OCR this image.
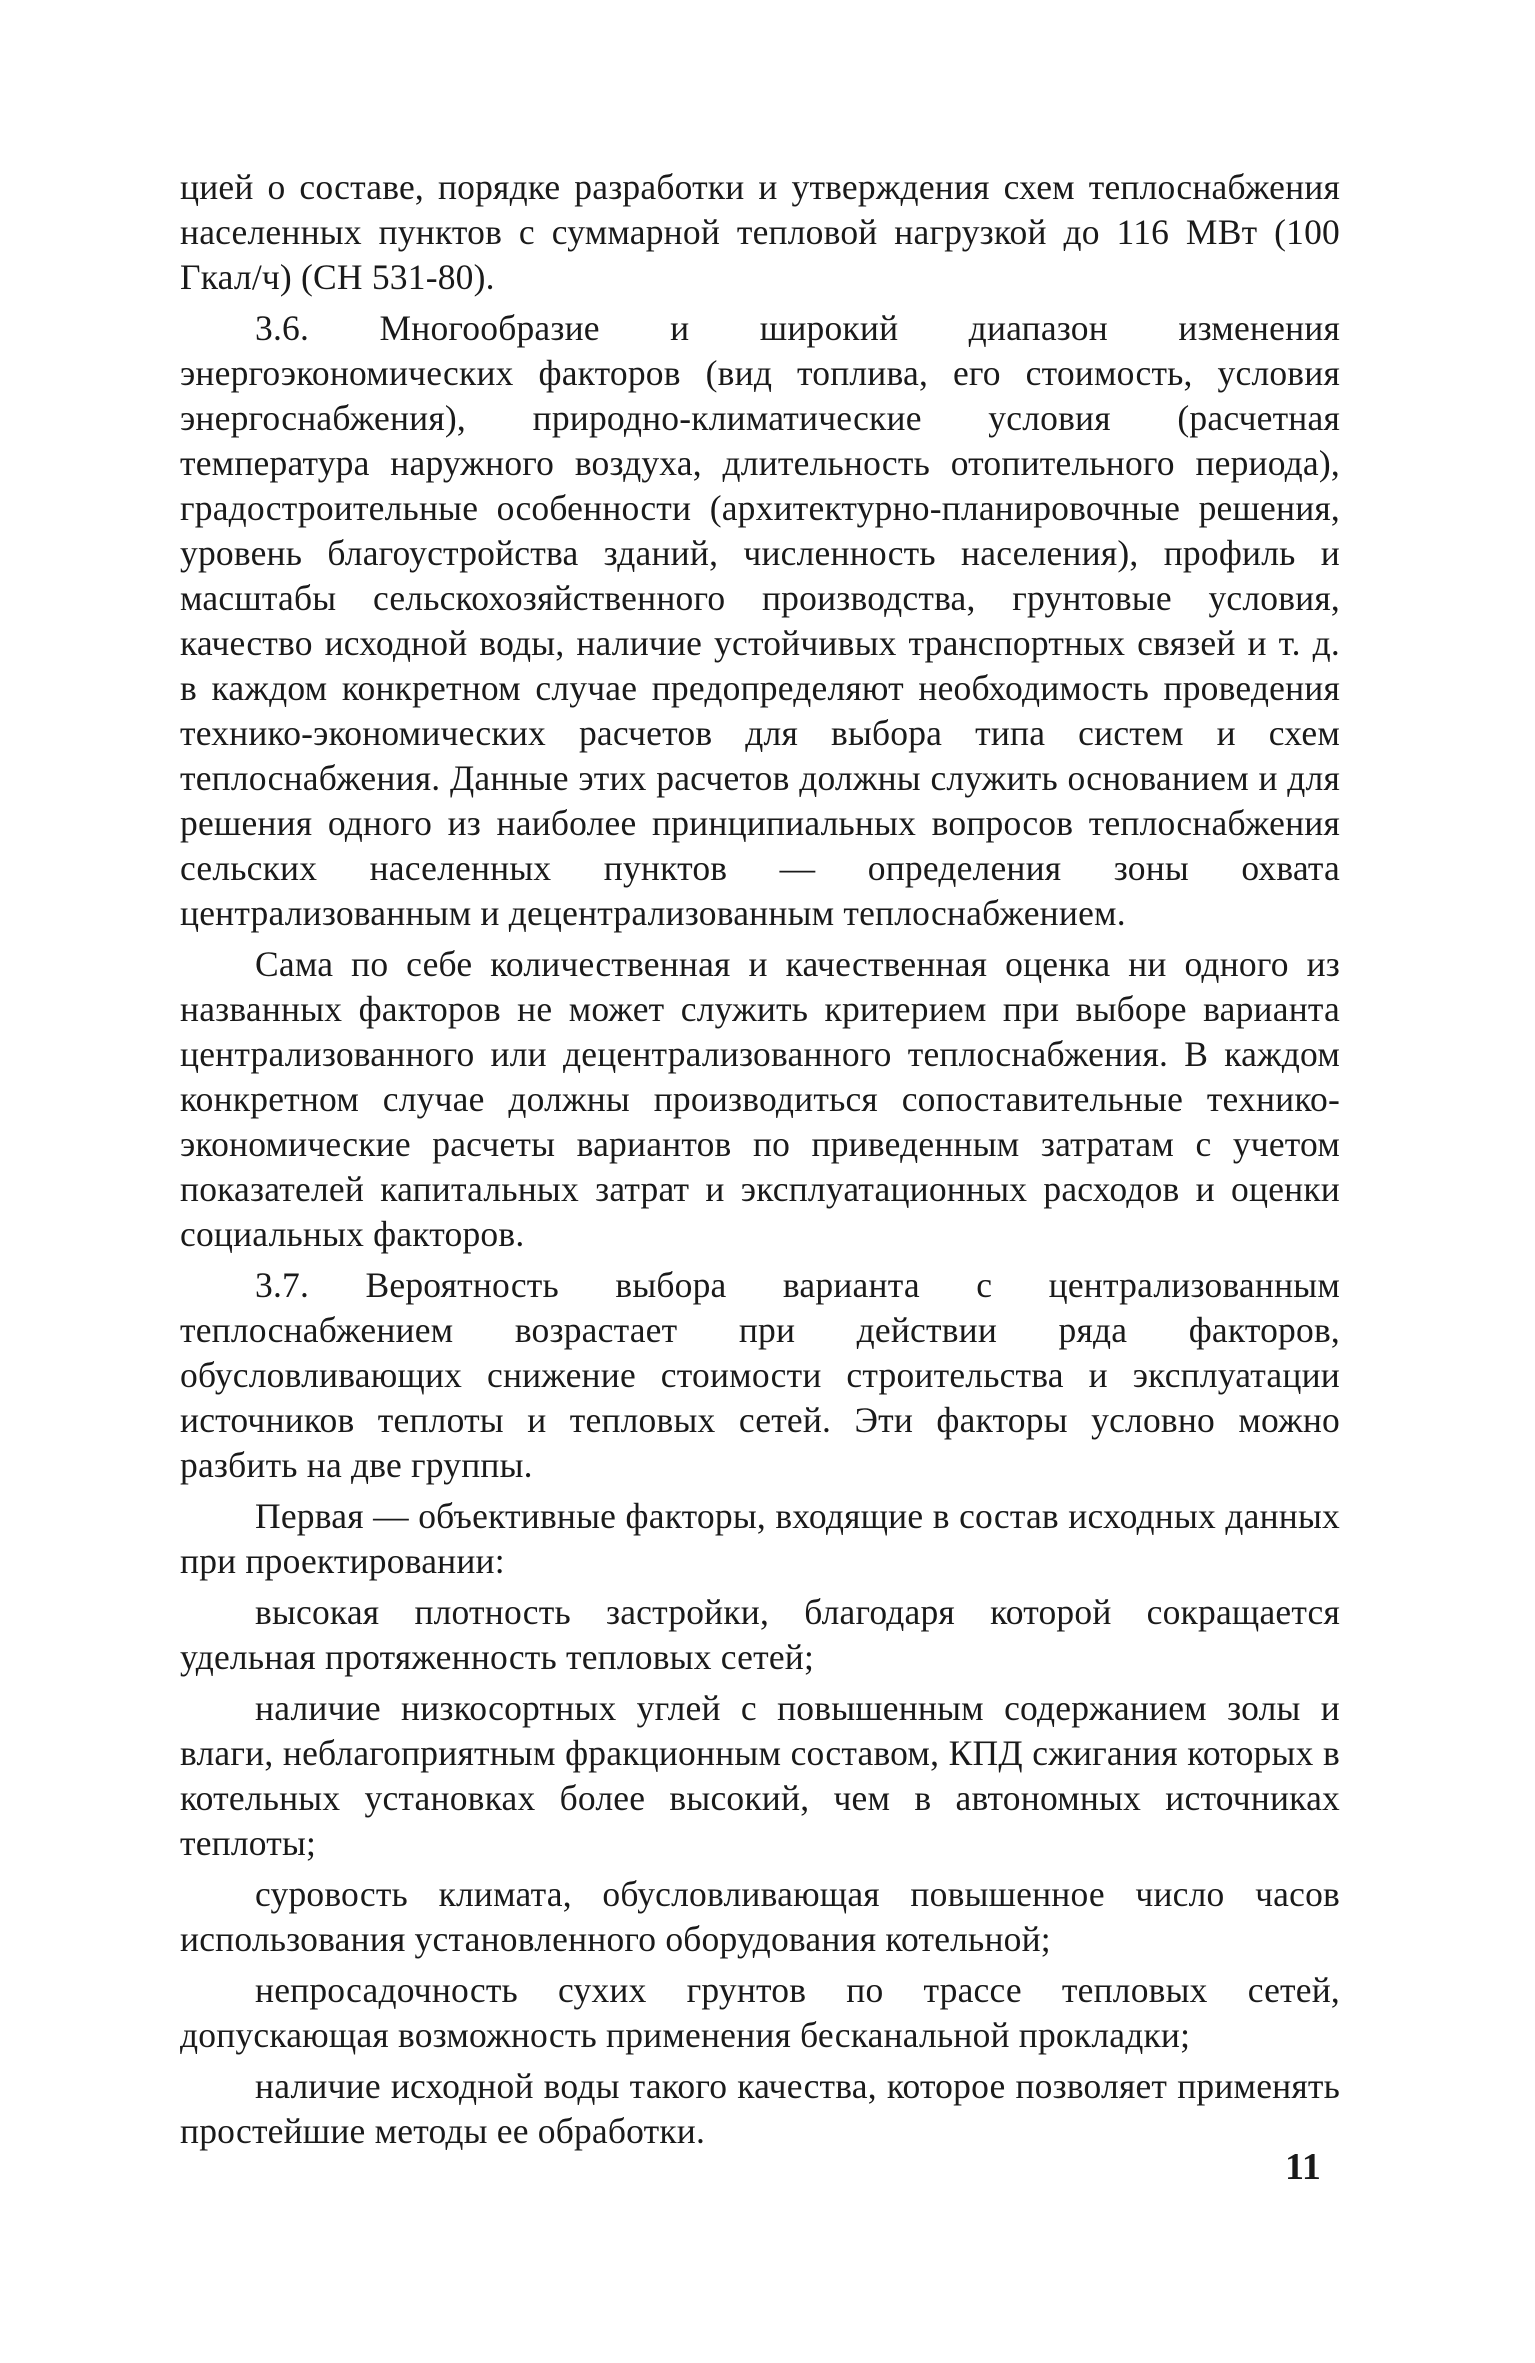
цией о составе, порядке разработки и утверждения схем теплоснабжения населенных пунктов с суммарной тепловой нагрузкой до 116 МВт (100 Гкал/ч) (СН 531-80).

3.6. Многообразие и широкий диапазон изменения энергоэкономических факторов (вид топлива, его стоимость, условия энергоснабжения), природно-климатические условия (расчетная температура наружного воздуха, длительность отопительного периода), градостроительные особенности (архитектурно-планировочные решения, уровень благоустройства зданий, численность населения), профиль и масштабы сельскохозяйственного производства, грунтовые условия, качество исходной воды, наличие устойчивых транспортных связей и т. д. в каждом конкретном случае предопределяют необходимость проведения технико-экономических расчетов для выбора типа систем и схем теплоснабжения. Данные этих расчетов должны служить основанием и для решения одного из наиболее принципиальных вопросов теплоснабжения сельских населенных пунктов — определения зоны охвата централизованным и децентрализованным теплоснабжением.

Сама по себе количественная и качественная оценка ни одного из названных факторов не может служить критерием при выборе варианта централизованного или децентрализованного теплоснабжения. В каждом конкретном случае должны производиться сопоставительные технико-экономические расчеты вариантов по приведенным затратам с учетом показателей капитальных затрат и эксплуатационных расходов и оценки социальных факторов.

3.7. Вероятность выбора варианта с централизованным теплоснабжением возрастает при действии ряда факторов, обусловливающих снижение стоимости строительства и эксплуатации источников теплоты и тепловых сетей. Эти факторы условно можно разбить на две группы.

Первая — объективные факторы, входящие в состав исходных данных при проектировании:

высокая плотность застройки, благодаря которой сокращается удельная протяженность тепловых сетей;

наличие низкосортных углей с повышенным содержанием золы и влаги, неблагоприятным фракционным составом, КПД сжигания которых в котельных установках более высокий, чем в автономных источниках теплоты;

суровость климата, обусловливающая повышенное число часов использования установленного оборудования котельной;

непросадочность сухих грунтов по трассе тепловых сетей, допускающая возможность применения бесканальной прокладки;

наличие исходной воды такого качества, которое позволяет применять простейшие методы ее обработки.

11
